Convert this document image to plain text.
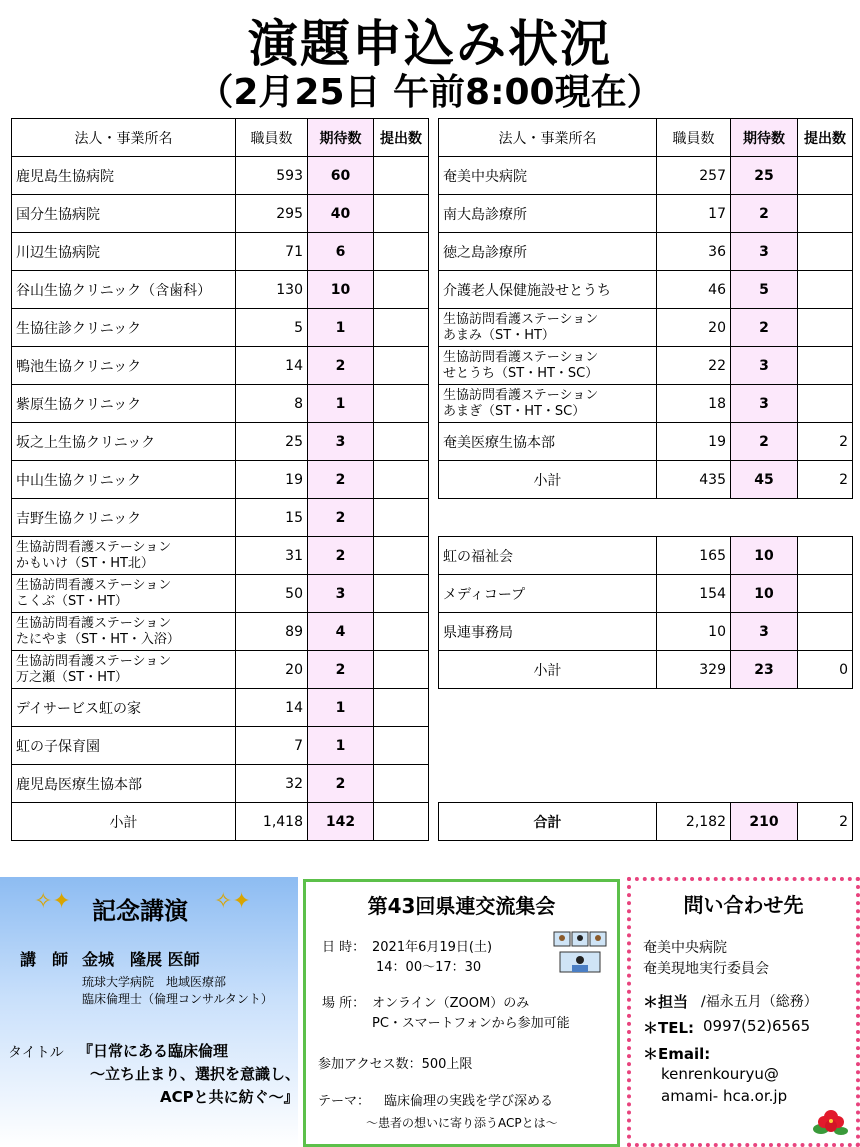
演題申込み状況
（2月25日 午前8:00現在）
法人・事業所名	職員数	期待数	提出数
鹿児島生協病院	593	60	
国分生協病院	295	40	
川辺生協病院	71	6	
谷山生協クリニック（含歯科）	130	10	
生協往診クリニック	5	1	
鴨池生協クリニック	14	2	
紫原生協クリニック	8	1	
坂之上生協クリニック	25	3	
中山生協クリニック	19	2	
吉野生協クリニック	15	2	

生協訪問看護ステーション
かもいけ（ST・HT北）	31	2	

生協訪問看護ステーション
こくぶ（ST・HT）	50	3	

生協訪問看護ステーション
たにやま（ST・HT・入浴）	89	4	

生協訪問看護ステーション
万之瀬（ST・HT）	20	2	
デイサービス虹の家	14	1	
虹の子保育園	7	1	
鹿児島医療生協本部	32	2	
小計	1,418	142	
法人・事業所名	職員数	期待数	提出数
奄美中央病院	257	25	
南大島診療所	17	2	
徳之島診療所	36	3	
介護老人保健施設せとうち	46	5	

生協訪問看護ステーション
あまみ（ST・HT）	20	2	

生協訪問看護ステーション
せとうち（ST・HT・SC）	22	3	

生協訪問看護ステーション
あまぎ（ST・HT・SC）	18	3	
奄美医療生協本部	19	2	2
小計	435	45	2

虹の福祉会	165	10	
メディコープ	154	10	
県連事務局	10	3	
小計	329	23	0

合計	2,182	210	2
✧✦ 記念講演 ✧✦
講　師 金城　隆展 医師
琉球大学病院　地域医療部
臨床倫理士（倫理コンサルタント）
タイトル 『日常にある臨床倫理
～立ち止まり、選択を意識し、
ACPと共に紡ぐ～』
第43回県連交流集会
日 時： 2021年6月19日(土)
14：00～17：30
場 所： オンライン（ZOOM）のみ
PC・スマートフォンから参加可能
参加アクセス数：500上限
テーマ： 臨床倫理の実践を学び深める
～患者の想いに寄り添うACPとは～
問い合わせ先
奄美中央病院
奄美現地実行委員会
＊担当 /福永五月（総務）
＊TEL: 0997(52)6565
＊Email:
kenrenkouryu@
amami- hca.or.jp
